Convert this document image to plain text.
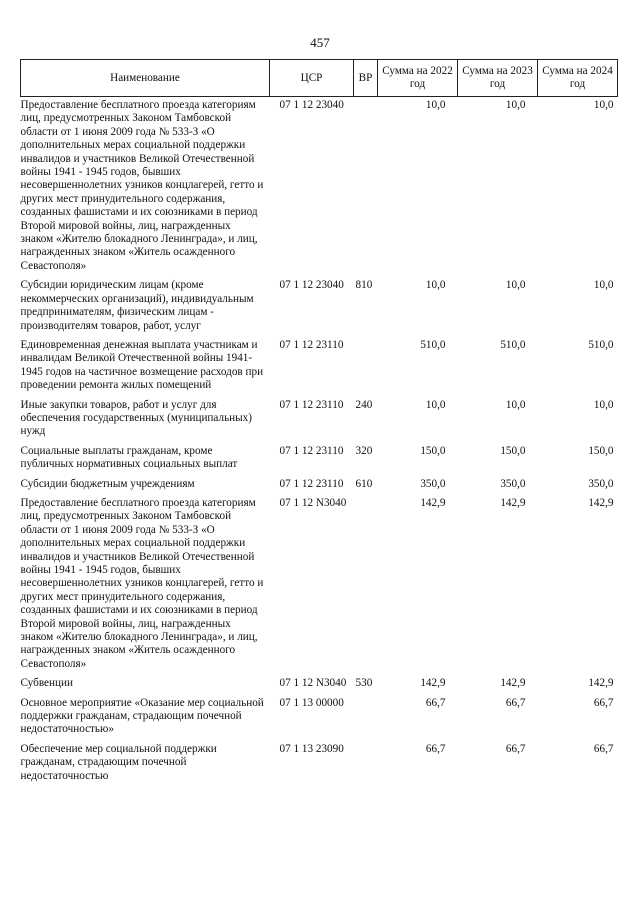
457
Наименование	ЦСР	ВР	Сумма на 2022 год	Сумма на 2023 год	Сумма на 2024 год
Предоставление бесплатного проезда категориям лиц, предусмотренных Законом Тамбовской области от 1 июня 2009 года № 533-З «О дополнительных мерах социальной поддержки инвалидов и участников Великой Отечественной войны 1941 - 1945 годов, бывших несовершеннолетних узников концлагерей, гетто и других мест принудительного содержания, созданных фашистами и их союзниками в период Второй мировой войны, лиц, награжденных знаком «Жителю блокадного Ленинграда», и лиц, награжденных знаком «Житель осажденного Севастополя»	07 1 12 23040		10,0	10,0	10,0
Субсидии юридическим лицам (кроме некоммерческих организаций), индивидуальным предпринимателям, физическим лицам - производителям товаров, работ, услуг	07 1 12 23040	810	10,0	10,0	10,0
Единовременная денежная выплата участникам и инвалидам Великой Отечественной войны 1941-1945 годов на частичное возмещение расходов при проведении ремонта жилых помещений	07 1 12 23110		510,0	510,0	510,0
Иные закупки товаров, работ и услуг для обеспечения государственных (муниципальных) нужд	07 1 12 23110	240	10,0	10,0	10,0
Социальные выплаты гражданам, кроме публичных нормативных социальных выплат	07 1 12 23110	320	150,0	150,0	150,0
Субсидии бюджетным учреждениям	07 1 12 23110	610	350,0	350,0	350,0
Предоставление бесплатного проезда категориям лиц, предусмотренных Законом Тамбовской области от 1 июня 2009 года № 533-З «О дополнительных мерах социальной поддержки инвалидов и участников Великой Отечественной войны 1941 - 1945 годов, бывших несовершеннолетних узников концлагерей, гетто и других мест принудительного содержания, созданных фашистами и их союзниками в период Второй мировой войны, лиц, награжденных знаком «Жителю блокадного Ленинграда», и лиц, награжденных знаком «Житель осажденного Севастополя»	07 1 12 N3040		142,9	142,9	142,9
Субвенции	07 1 12 N3040	530	142,9	142,9	142,9
Основное мероприятие «Оказание мер социальной поддержки гражданам, страдающим почечной недостаточностью»	07 1 13 00000		66,7	66,7	66,7
Обеспечение мер социальной поддержки гражданам, страдающим почечной недостаточностью	07 1 13 23090		66,7	66,7	66,7
